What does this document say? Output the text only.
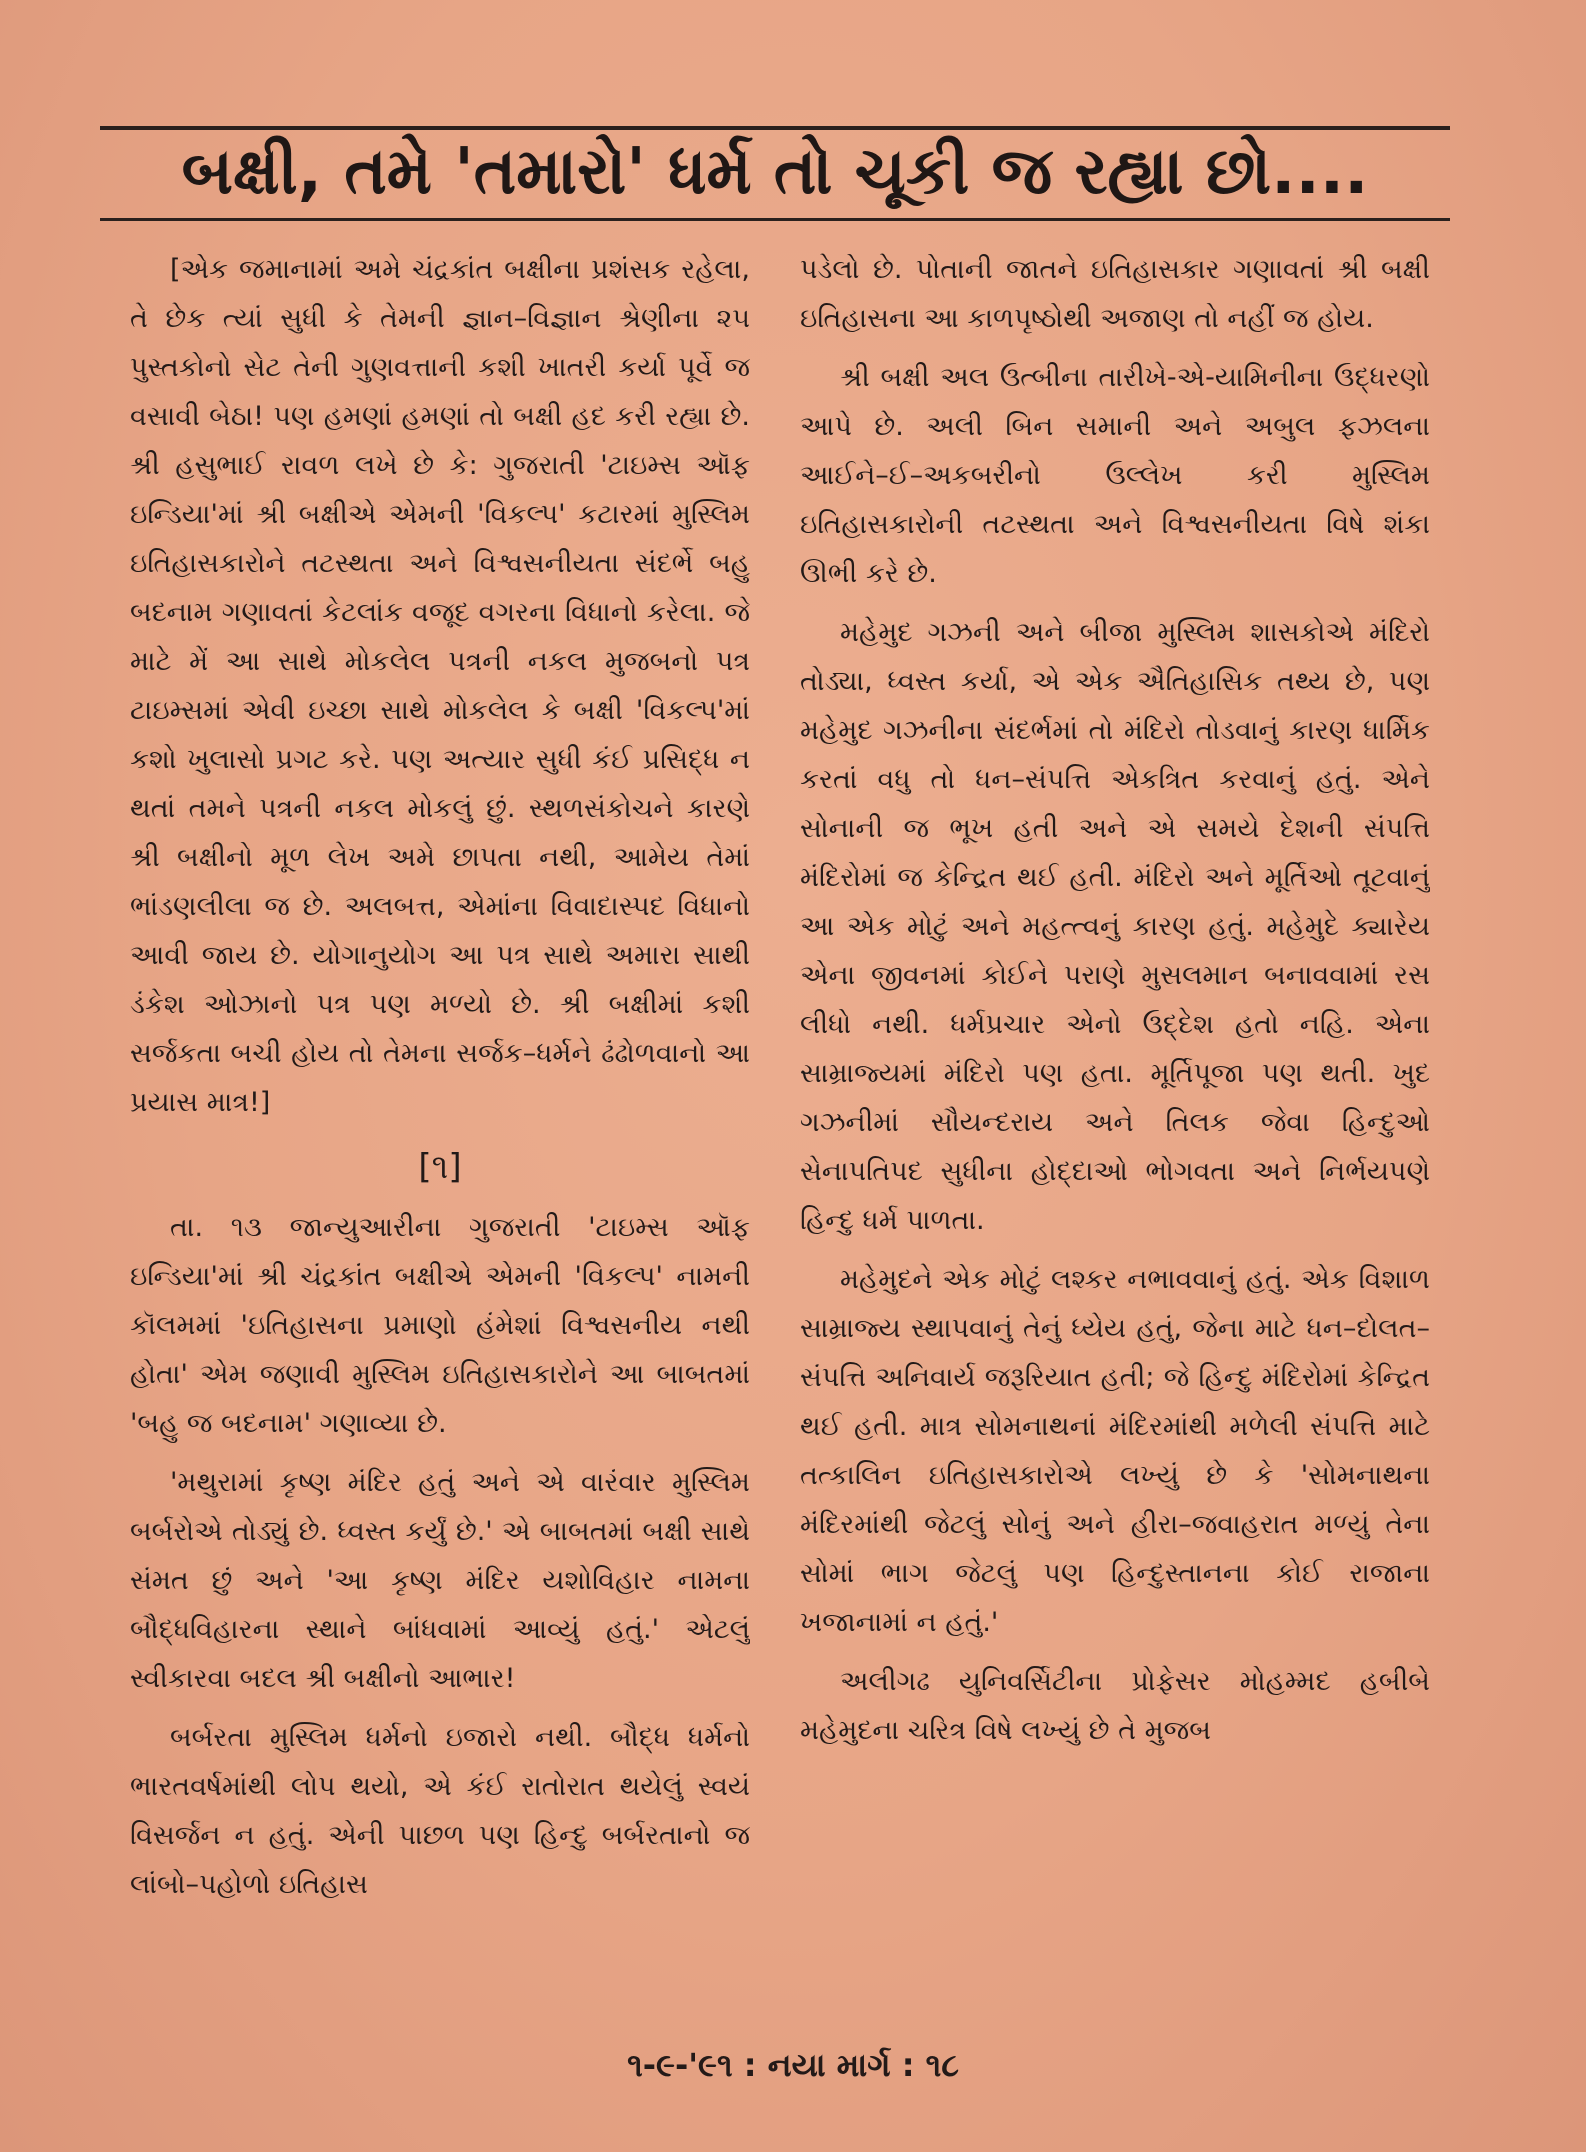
બક્ષી, તમે 'તમારો' ધર્મ તો ચૂકી જ રહ્યા છો....

[એક જમાનામાં અમે ચંદ્રકાંત બક્ષીના પ્રશંસક રહેલા, તે છેક ત્યાં સુધી કે તેમની જ્ઞાન–વિજ્ઞાન શ્રેણીના ૨૫ પુસ્તકોનો સેટ તેની ગુણવત્તાની કશી ખાતરી કર્યા પૂર્વે જ વસાવી બેઠા! પણ હમણાં હમણાં તો બક્ષી હદ કરી રહ્યા છે. શ્રી હસુભાઈ રાવળ લખે છે કે: ગુજરાતી 'ટાઇમ્સ ઑફ ઇન્ડિયા'માં શ્રી બક્ષીએ એમની 'વિકલ્પ' કટારમાં મુસ્લિમ ઇતિહાસકારોને તટસ્થતા અને વિશ્વસનીયતા સંદર્ભે બહુ બદનામ ગણાવતાં કેટલાંક વજૂદ વગરના વિધાનો કરેલા. જે માટે મેં આ સાથે મોકલેલ પત્રની નકલ મુજબનો પત્ર ટાઇમ્સમાં એવી ઇચ્છા સાથે મોકલેલ કે બક્ષી 'વિકલ્પ'માં કશો ખુલાસો પ્રગટ કરે. પણ અત્યાર સુધી કંઈ પ્રસિદ્ધ ન થતાં તમને પત્રની નકલ મોકલું છું. સ્થળસંકોચને કારણે શ્રી બક્ષીનો મૂળ લેખ અમે છાપતા નથી, આમેય તેમાં ભાંડણલીલા જ છે. અલબત્ત, એમાંના વિવાદાસ્પદ વિધાનો આવી જાય છે. યોગાનુયોગ આ પત્ર સાથે અમારા સાથી ડંકેશ ઓઝાનો પત્ર પણ મળ્યો છે. શ્રી બક્ષીમાં કશી સર્જકતા બચી હોય તો તેમના સર્જક–ધર્મને ઢંઢોળવાનો આ પ્રયાસ માત્ર!]

[૧]

તા. ૧૩ જાન્યુઆરીના ગુજરાતી 'ટાઇમ્સ ઑફ ઇન્ડિયા'માં શ્રી ચંદ્રકાંત બક્ષીએ એમની 'વિકલ્પ' નામની કૉલમમાં 'ઇતિહાસના પ્રમાણો હંમેશાં વિશ્વસનીય નથી હોતા' એમ જણાવી મુસ્લિમ ઇતિહાસકારોને આ બાબતમાં 'બહુ જ બદનામ' ગણાવ્યા છે.

'મથુરામાં કૃષ્ણ મંદિર હતું અને એ વારંવાર મુસ્લિમ બર્બરોએ તોડ્યું છે. ધ્વસ્ત કર્યું છે.' એ બાબતમાં બક્ષી સાથે સંમત છું અને 'આ કૃષ્ણ મંદિર યશોવિહાર નામના બૌદ્ધવિહારના સ્થાને બાંધવામાં આવ્યું હતું.' એટલું સ્વીકારવા બદલ શ્રી બક્ષીનો આભાર!

બર્બરતા મુસ્લિમ ધર્મનો ઇજારો નથી. બૌદ્ધ ધર્મનો ભારતવર્ષમાંથી લોપ થયો, એ કંઈ રાતોરાત થયેલું સ્વયં વિસર્જન ન હતું. એની પાછળ પણ હિન્દુ બર્બરતાનો જ લાંબો–પહોળો ઇતિહાસ

પડેલો છે. પોતાની જાતને ઇતિહાસકાર ગણાવતાં શ્રી બક્ષી ઇતિહાસના આ કાળપૃષ્ઠોથી અજાણ તો નહીં જ હોય.

શ્રી બક્ષી અલ ઉત્બીના તારીખે-એ-યામિનીના ઉદ્ધરણો આપે છે. અલી બિન સમાની અને અબુલ ફઝલના આઈને–ઈ–અકબરીનો ઉલ્લેખ કરી મુસ્લિમ ઇતિહાસકારોની તટસ્થતા અને વિશ્વસનીયતા વિષે શંકા ઊભી કરે છે.

મહેમુદ ગઝની અને બીજા મુસ્લિમ શાસકોએ મંદિરો તોડ્યા, ધ્વસ્ત કર્યા, એ એક ઐતિહાસિક તથ્ય છે, પણ મહેમુદ ગઝનીના સંદર્ભમાં તો મંદિરો તોડવાનું કારણ ધાર્મિક કરતાં વધુ તો ધન–સંપત્તિ એકત્રિત કરવાનું હતું. એને સોનાની જ ભૂખ હતી અને એ સમયે દેશની સંપત્તિ મંદિરોમાં જ કેન્દ્રિત થઈ હતી. મંદિરો અને મૂર્તિઓ તૂટવાનું આ એક મોટું અને મહત્ત્વનું કારણ હતું. મહેમુદે ક્યારેય એના જીવનમાં કોઈને પરાણે મુસલમાન બનાવવામાં રસ લીધો નથી. ધર્મપ્રચાર એનો ઉદ્દેશ હતો નહિ. એના સામ્રાજ્યમાં મંદિરો પણ હતા. મૂર્તિપૂજા પણ થતી. ખુદ ગઝનીમાં સૌયન્દરાય અને તિલક જેવા હિન્દુઓ સેનાપતિપદ સુધીના હોદ્દાઓ ભોગવતા અને નિર્ભયપણે હિન્દુ ધર્મ પાળતા.

મહેમુદને એક મોટું લશ્કર નભાવવાનું હતું. એક વિશાળ સામ્રાજ્ય સ્થાપવાનું તેનું ધ્યેય હતું, જેના માટે ધન–દોલત–સંપત્તિ અનિવાર્ય જરૂરિયાત હતી; જે હિન્દુ મંદિરોમાં કેન્દ્રિત થઈ હતી. માત્ર સોમનાથનાં મંદિરમાંથી મળેલી સંપત્તિ માટે તત્કાલિન ઇતિહાસકારોએ લખ્યું છે કે 'સોમનાથના મંદિરમાંથી જેટલું સોનું અને હીરા–જવાહરાત મળ્યું તેના સોમાં ભાગ જેટલું પણ હિન્દુસ્તાનના કોઈ રાજાના ખજાનામાં ન હતું.'

અલીગઢ યુનિવર્સિટીના પ્રોફેસર મોહમ્મદ હબીબે મહેમુદના ચરિત્ર વિષે લખ્યું છે તે મુજબ

૧-૯-'૯૧ : નયા માર્ગ : ૧૮
